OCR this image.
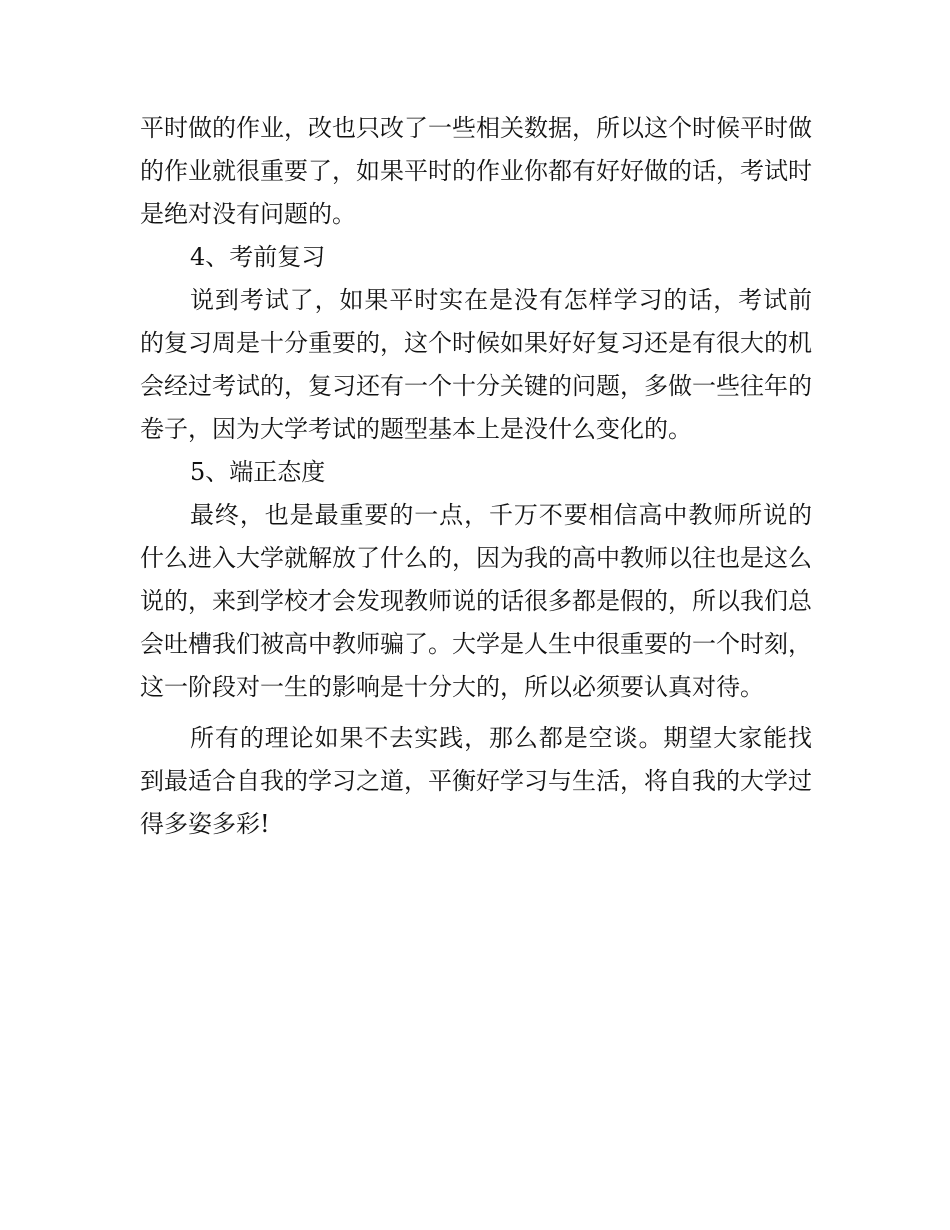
平时做的作业，改也只改了一些相关数据，所以这个时候平时做的作业就很重要了，如果平时的作业你都有好好做的话，考试时是绝对没有问题的。

4、考前复习

说到考试了，如果平时实在是没有怎样学习的话，考试前的复习周是十分重要的，这个时候如果好好复习还是有很大的机会经过考试的，复习还有一个十分关键的问题，多做一些往年的卷子，因为大学考试的题型基本上是没什么变化的。

5、端正态度

最终，也是最重要的一点，千万不要相信高中教师所说的什么进入大学就解放了什么的，因为我的高中教师以往也是这么说的，来到学校才会发现教师说的话很多都是假的，所以我们总会吐槽我们被高中教师骗了。大学是人生中很重要的一个时刻，这一阶段对一生的影响是十分大的，所以必须要认真对待。

所有的理论如果不去实践，那么都是空谈。期望大家能找到最适合自我的学习之道，平衡好学习与生活，将自我的大学过得多姿多彩!
